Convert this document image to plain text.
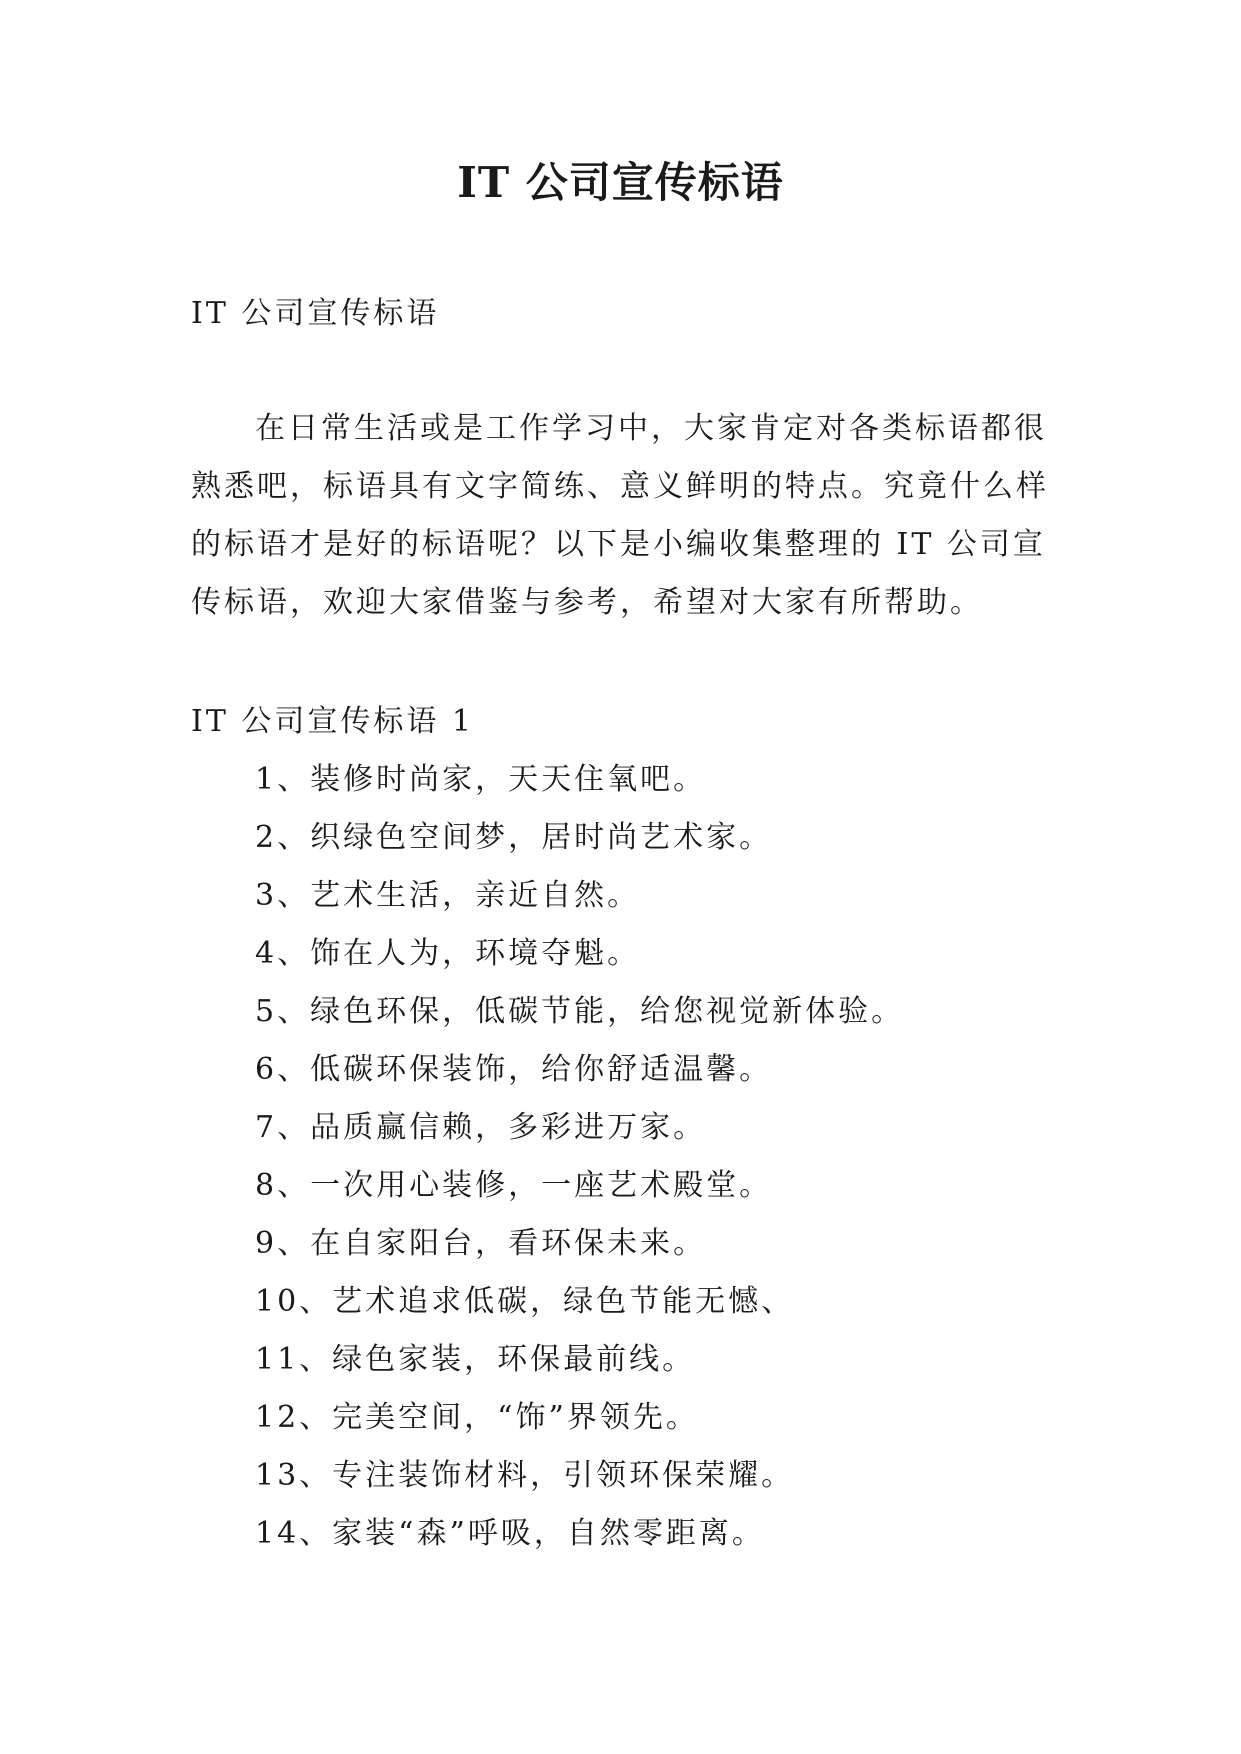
IT 公司宣传标语

IT 公司宣传标语

在日常生活或是工作学习中，大家肯定对各类标语都很
熟悉吧，标语具有文字简练、意义鲜明的特点。究竟什么样
的标语才是好的标语呢？以下是小编收集整理的 IT 公司宣
传标语，欢迎大家借鉴与参考，希望对大家有所帮助。

IT 公司宣传标语 1

1、装修时尚家，天天住氧吧。
2、织绿色空间梦，居时尚艺术家。
3、艺术生活，亲近自然。
4、饰在人为，环境夺魁。
5、绿色环保，低碳节能，给您视觉新体验。
6、低碳环保装饰，给你舒适温馨。
7、品质赢信赖，多彩进万家。
8、一次用心装修，一座艺术殿堂。
9、在自家阳台，看环保未来。
10、艺术追求低碳，绿色节能无憾、
11、绿色家装，环保最前线。
12、完美空间，“饰”界领先。
13、专注装饰材料，引领环保荣耀。
14、家装“森”呼吸，自然零距离。
